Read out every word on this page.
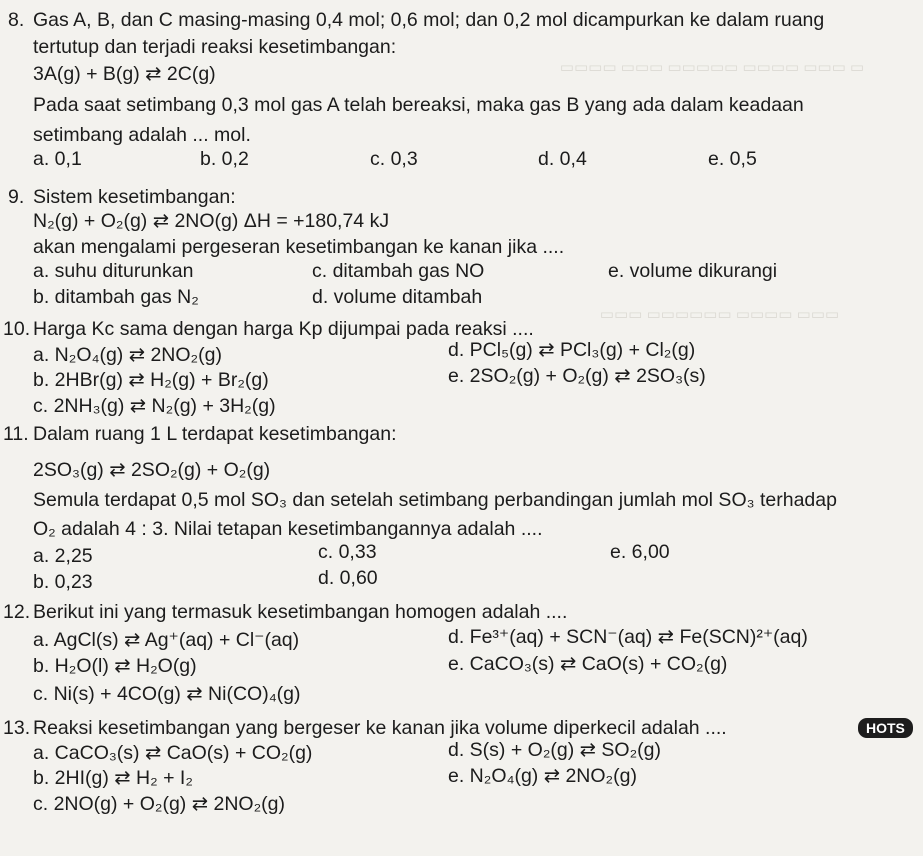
▭ ▭▭▭ ▭▭▭▭ ▭▭▭▭▭ ▭▭▭ ▭▭▭▭
▭▭▭ ▭▭▭▭ ▭▭▭▭▭▭ ▭▭▭
8. Gas A, B, dan C masing-masing 0,4 mol; 0,6 mol; dan 0,2 mol dicampurkan ke dalam ruang
tertutup dan terjadi reaksi kesetimbangan:
3A(g) + B(g) ⇄ 2C(g)
Pada saat setimbang 0,3 mol gas A telah bereaksi, maka gas B yang ada dalam keadaan
setimbang adalah ... mol.
a. 0,1	b. 0,2	c. 0,3	d. 0,4	e. 0,5
9. Sistem kesetimbangan:
N₂(g) + O₂(g) ⇄ 2NO(g) ΔH = +180,74 kJ
akan mengalami pergeseran kesetimbangan ke kanan jika ....
a. suhu diturunkan
b. ditambah gas N₂
c. ditambah gas NO
d. volume ditambah
e. volume dikurangi
10. Harga Kc sama dengan harga Kp dijumpai pada reaksi ....
a. N₂O₄(g) ⇄ 2NO₂(g)
b. 2HBr(g) ⇄ H₂(g) + Br₂(g)
c. 2NH₃(g) ⇄ N₂(g) + 3H₂(g)
d. PCl₅(g) ⇄ PCl₃(g) + Cl₂(g)
e. 2SO₂(g) + O₂(g) ⇄ 2SO₃(s)
11. Dalam ruang 1 L terdapat kesetimbangan:
2SO₃(g) ⇄ 2SO₂(g) + O₂(g)
Semula terdapat 0,5 mol SO₃ dan setelah setimbang perbandingan jumlah mol SO₃ terhadap
O₂ adalah 4 : 3. Nilai tetapan kesetimbangannya adalah ....
a. 2,25
b. 0,23
c. 0,33
d. 0,60
e. 6,00
12. Berikut ini yang termasuk kesetimbangan homogen adalah ....
a. AgCl(s) ⇄ Ag⁺(aq) + Cl⁻(aq)
b. H₂O(l) ⇄ H₂O(g)
c. Ni(s) + 4CO(g) ⇄ Ni(CO)₄(g)
d. Fe³⁺(aq) + SCN⁻(aq) ⇄ Fe(SCN)²⁺(aq)
e. CaCO₃(s) ⇄ CaO(s) + CO₂(g)
13. Reaksi kesetimbangan yang bergeser ke kanan jika volume diperkecil adalah ....	HOTS
a. CaCO₃(s) ⇄ CaO(s) + CO₂(g)
b. 2HI(g) ⇄ H₂ + I₂
c. 2NO(g) + O₂(g) ⇄ 2NO₂(g)
d. S(s) + O₂(g) ⇄ SO₂(g)
e. N₂O₄(g) ⇄ 2NO₂(g)
